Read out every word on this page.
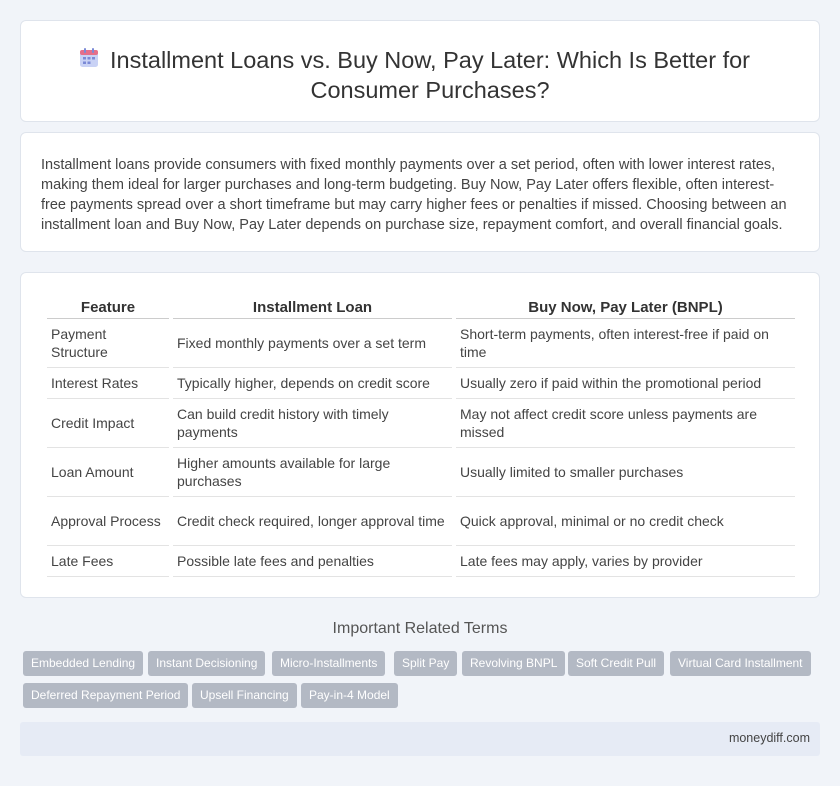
Installment Loans vs. Buy Now, Pay Later: Which Is Better for Consumer Purchases?

Installment loans provide consumers with fixed monthly payments over a set period, often with lower interest rates, making them ideal for larger purchases and long-term budgeting. Buy Now, Pay Later offers flexible, often interest-free payments spread over a short timeframe but may carry higher fees or penalties if missed. Choosing between an installment loan and Buy Now, Pay Later depends on purchase size, repayment comfort, and overall financial goals.

Feature	Installment Loan	Buy Now, Pay Later (BNPL)
Payment Structure	Fixed monthly payments over a set term	Short-term payments, often interest-free if paid on time
Interest Rates	Typically higher, depends on credit score	Usually zero if paid within the promotional period
Credit Impact	Can build credit history with timely payments	May not affect credit score unless payments are missed
Loan Amount	Higher amounts available for large purchases	Usually limited to smaller purchases
Approval Process	Credit check required, longer approval time	Quick approval, minimal or no credit check
Late Fees	Possible late fees and penalties	Late fees may apply, varies by provider
Important Related Terms
Embedded Lending	Instant Decisioning	Micro-Installments	Split Pay	Revolving BNPL	Soft Credit Pull	Virtual Card Installment
Deferred Repayment Period	Upsell Financing	Pay-in-4 Model
moneydiff.com
